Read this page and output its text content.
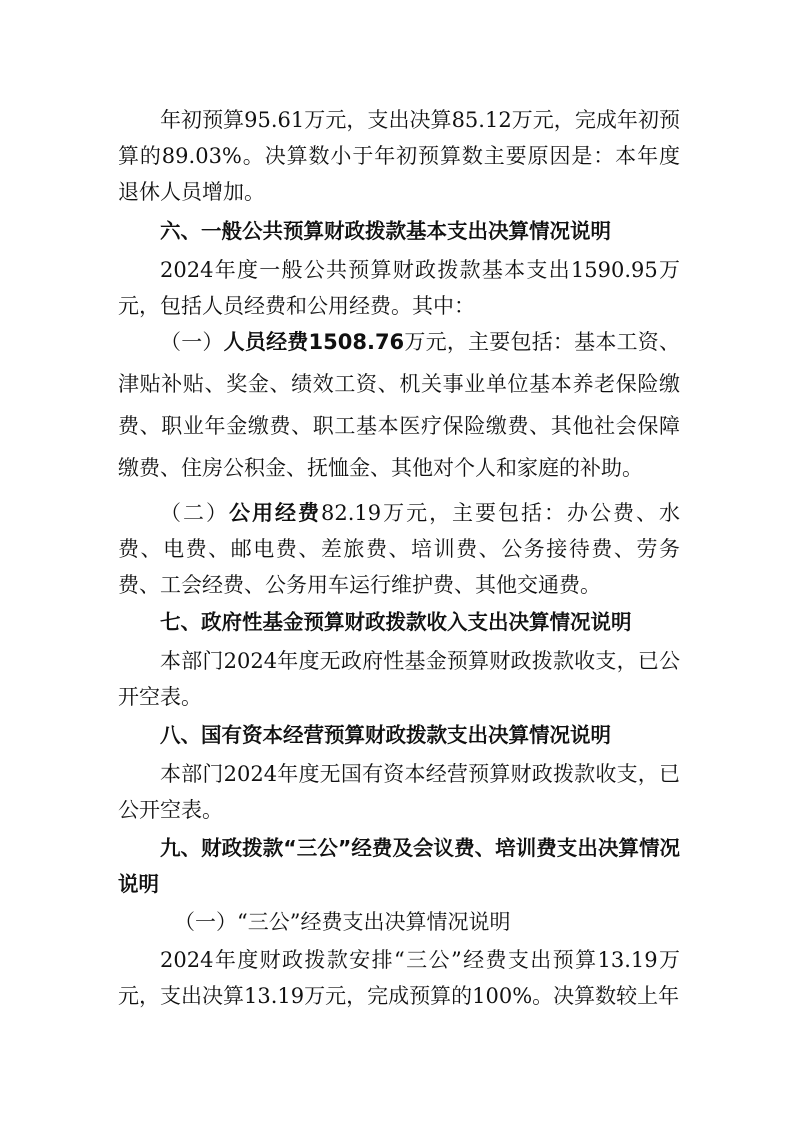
年初预算95.61万元，支出决算85.12万元，完成年初预算的89.03%。决算数小于年初预算数主要原因是：本年度退休人员增加。

六、一般公共预算财政拨款基本支出决算情况说明

2024年度一般公共预算财政拨款基本支出1590.95万元，包括人员经费和公用经费。其中：

（一）人员经费1508.76万元，主要包括：基本工资、津贴补贴、奖金、绩效工资、机关事业单位基本养老保险缴费、职业年金缴费、职工基本医疗保险缴费、其他社会保障缴费、住房公积金、抚恤金、其他对个人和家庭的补助。

（二）公用经费82.19万元，主要包括：办公费、水费、电费、邮电费、差旅费、培训费、公务接待费、劳务费、工会经费、公务用车运行维护费、其他交通费。

七、政府性基金预算财政拨款收入支出决算情况说明

本部门2024年度无政府性基金预算财政拨款收支，已公开空表。

八、国有资本经营预算财政拨款支出决算情况说明

本部门2024年度无国有资本经营预算财政拨款收支，已公开空表。

九、财政拨款“三公”经费及会议费、培训费支出决算情况说明

（一）“三公”经费支出决算情况说明

2024年度财政拨款安排“三公”经费支出预算13.19万元，支出决算13.19万元，完成预算的100%。决算数较上年
